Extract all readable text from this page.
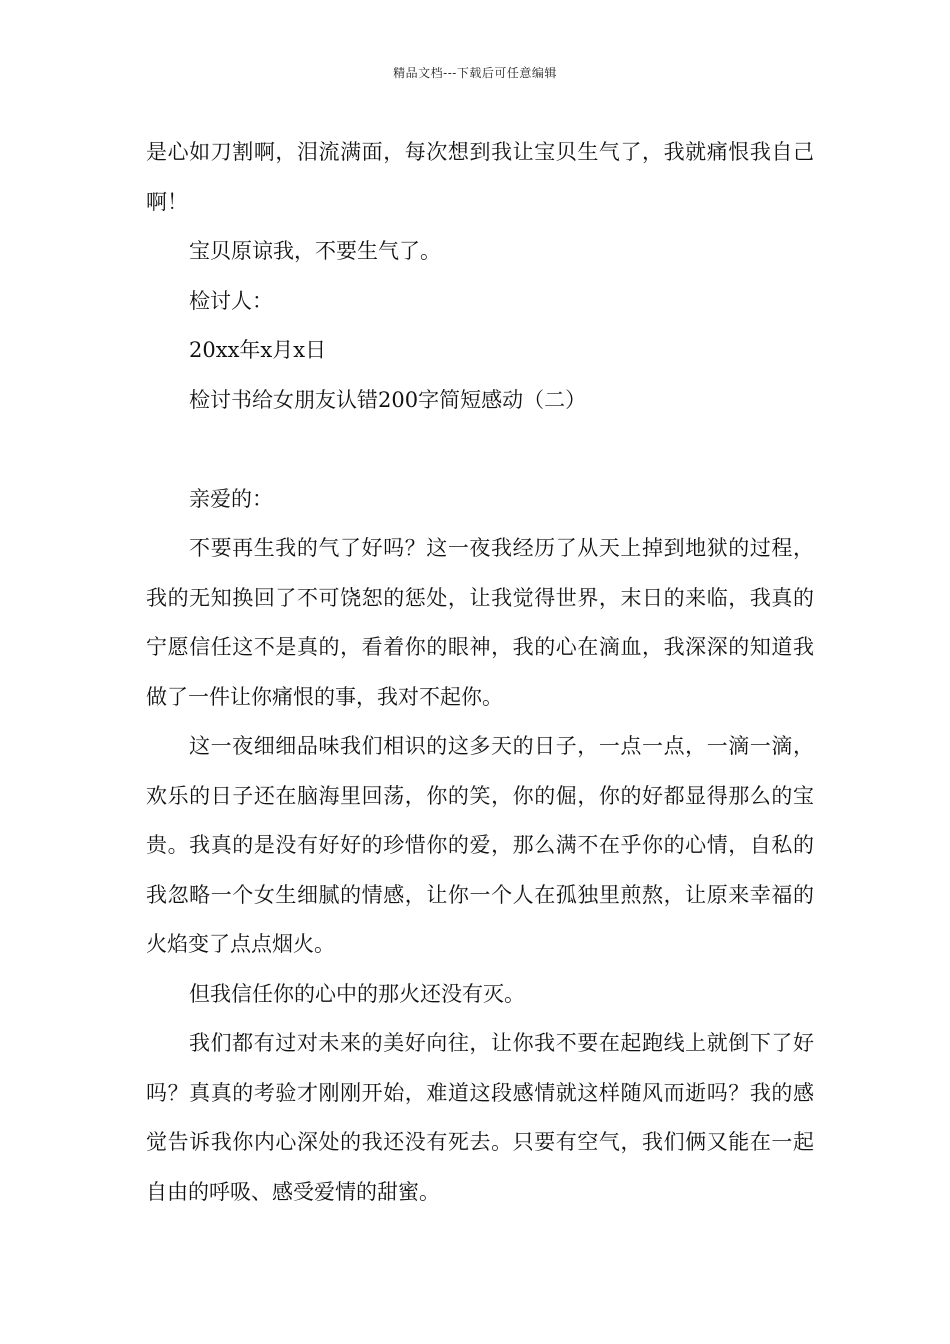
精品文档---下载后可任意编辑

是心如刀割啊，泪流满面，每次想到我让宝贝生气了，我就痛恨我自己啊！

宝贝原谅我，不要生气了。

检讨人：

20xx年x月x日

检讨书给女朋友认错200字简短感动（二）

亲爱的：

不要再生我的气了好吗？这一夜我经历了从天上掉到地狱的过程，我的无知换回了不可饶恕的惩处，让我觉得世界，末日的来临，我真的宁愿信任这不是真的，看着你的眼神，我的心在滴血，我深深的知道我做了一件让你痛恨的事，我对不起你。

这一夜细细品味我们相识的这多天的日子，一点一点，一滴一滴，欢乐的日子还在脑海里回荡，你的笑，你的倔，你的好都显得那么的宝贵。我真的是没有好好的珍惜你的爱，那么满不在乎你的心情，自私的我忽略一个女生细腻的情感，让你一个人在孤独里煎熬，让原来幸福的火焰变了点点烟火。

但我信任你的心中的那火还没有灭。

我们都有过对未来的美好向往，让你我不要在起跑线上就倒下了好吗？真真的考验才刚刚开始，难道这段感情就这样随风而逝吗？我的感觉告诉我你内心深处的我还没有死去。只要有空气，我们俩又能在一起自由的呼吸、感受爱情的甜蜜。
